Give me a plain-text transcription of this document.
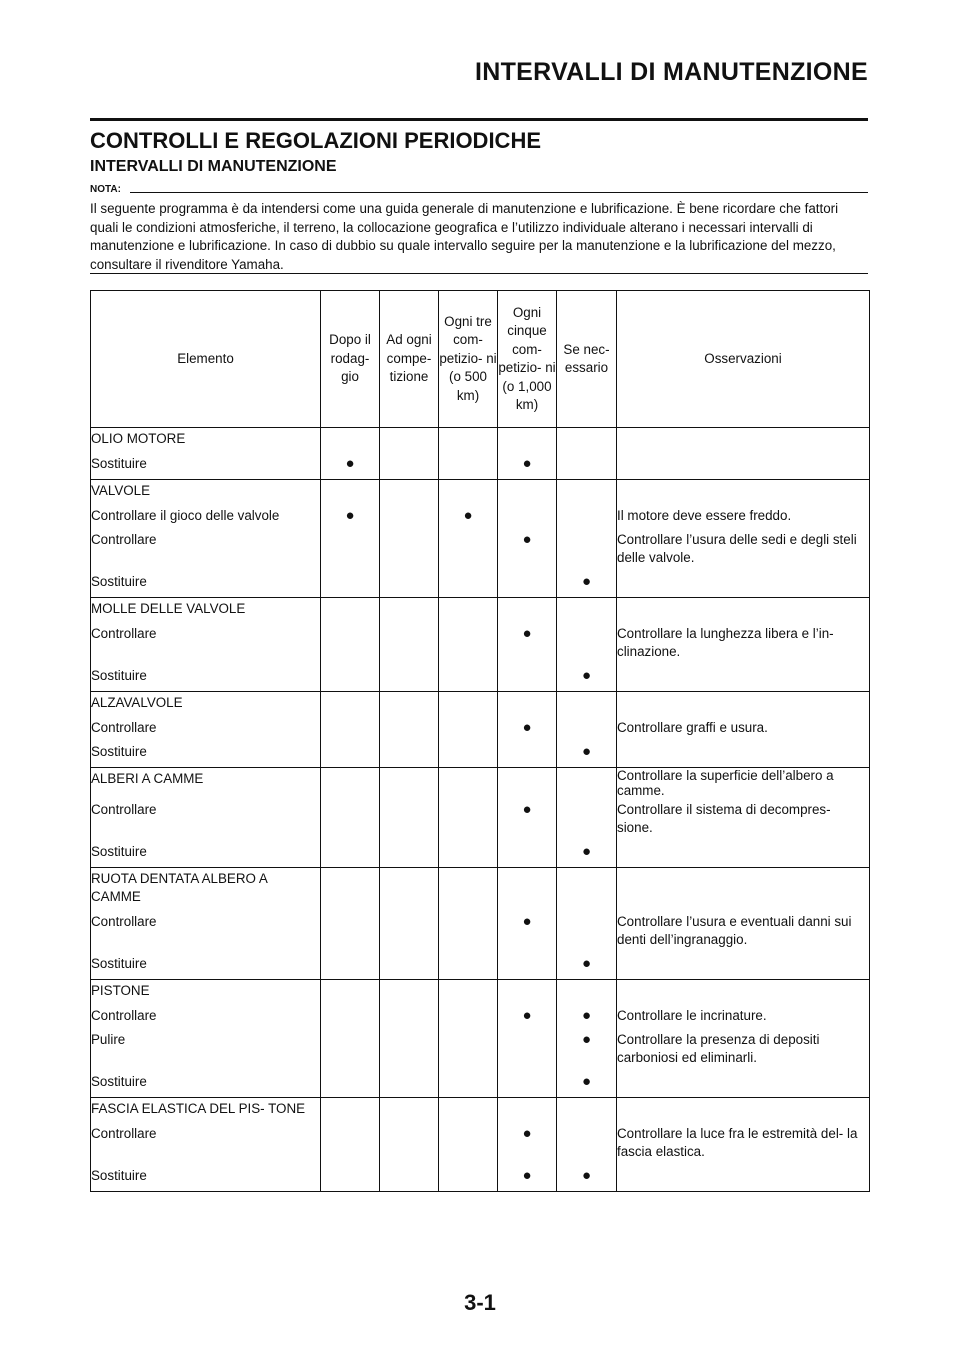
INTERVALLI DI MANUTENZIONE
CONTROLLI E REGOLAZIONI PERIODICHE
INTERVALLI DI MANUTENZIONE
NOTA:
Il seguente programma è da intendersi come una guida generale di manutenzione e lubrificazione. È bene ricordare che fattori quali le condizioni atmosferiche, il terreno, la collocazione geografica e l’utilizzo individuale alterano i necessari intervalli di manutenzione e lubrificazione. In caso di dubbio su quale intervallo seguire per la manutenzione e la lubrificazione del mezzo, consultare il rivenditore Yamaha.
Elemento	Dopo il rodag- gio	Ad ogni compe- tizione	Ogni tre com- petizio- ni (o 500 km)	Ogni cinque com- petizio- ni (o 1,000 km)	Se nec- essario	Osservazioni
OLIO MOTORE						
Sostituire	●			●		
VALVOLE						
Controllare il gioco delle valvole	●		●			Il motore deve essere freddo.
Controllare				●		Controllare l’usura delle sedi e degli steli delle valvole.
Sostituire					●	
MOLLE DELLE VALVOLE						
Controllare				●		Controllare la lunghezza libera e l’in- clinazione.
Sostituire					●	
ALZAVALVOLE						
Controllare				●		Controllare graffi e usura.
Sostituire					●	
ALBERI A CAMME						Controllare la superficie dell’albero a camme.
Controllare				●		Controllare il sistema di decompres- sione.
Sostituire					●	
RUOTA DENTATA ALBERO A CAMME						
Controllare				●		Controllare l’usura e eventuali danni sui denti dell’ingranaggio.
Sostituire					●	
PISTONE						
Controllare				●	●	Controllare le incrinature.
Pulire					●	Controllare la presenza di depositi carboniosi ed eliminarli.
Sostituire					●	
FASCIA ELASTICA DEL PIS- TONE						
Controllare				●		Controllare la luce fra le estremità del- la fascia elastica.
Sostituire				●	●	
3-1
